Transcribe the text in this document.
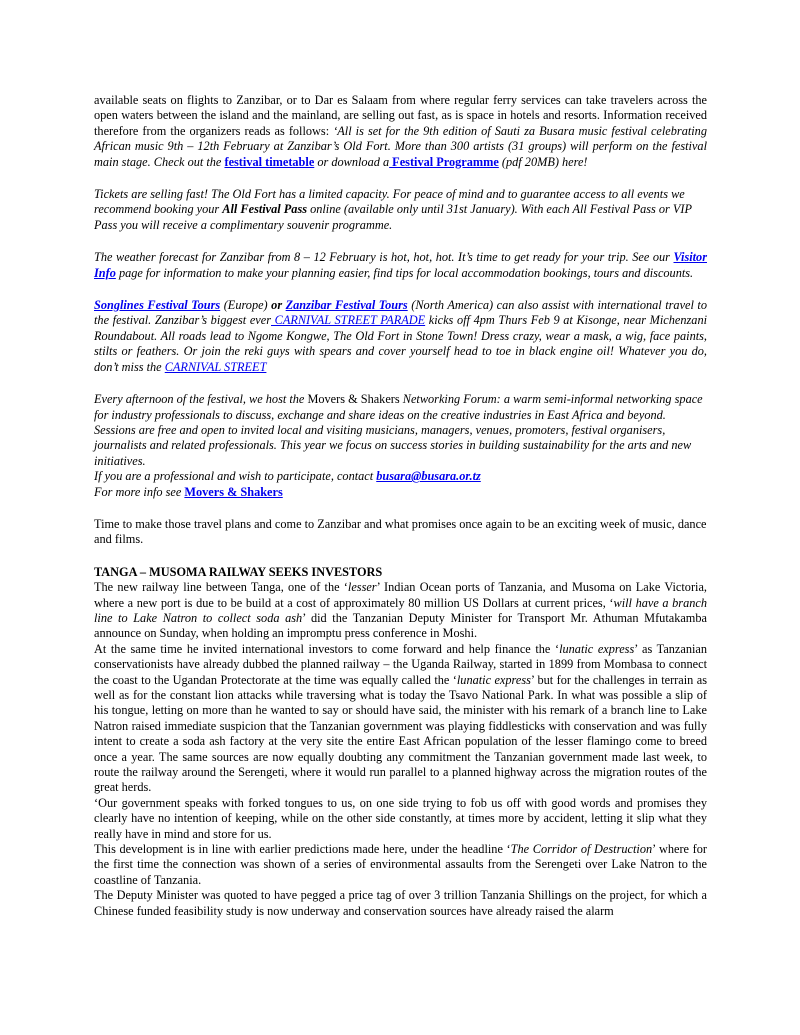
available seats on flights to Zanzibar, or to Dar es Salaam from where regular ferry services can take travelers across the open waters between the island and the mainland, are selling out fast, as is space in hotels and resorts. Information received therefore from the organizers reads as follows: ‘All is set for the 9th edition of Sauti za Busara music festival celebrating African music 9th – 12th February at Zanzibar’s Old Fort. More than 300 artists (31 groups) will perform on the festival main stage. Check out the festival timetable or download a Festival Programme (pdf 20MB) here!

Tickets are selling fast! The Old Fort has a limited capacity. For peace of mind and to guarantee access to all events we recommend booking your All Festival Pass online (available only until 31st January). With each All Festival Pass or VIP Pass you will receive a complimentary souvenir programme.

The weather forecast for Zanzibar from 8 – 12 February is hot, hot, hot. It’s time to get ready for your trip. See our Visitor Info page for information to make your planning easier, find tips for local accommodation bookings, tours and discounts.

Songlines Festival Tours (Europe) or Zanzibar Festival Tours (North America) can also assist with international travel to the festival. Zanzibar’s biggest ever CARNIVAL STREET PARADE kicks off 4pm Thurs Feb 9 at Kisonge, near Michenzani Roundabout. All roads lead to Ngome Kongwe, The Old Fort in Stone Town! Dress crazy, wear a mask, a wig, face paints, stilts or feathers. Or join the reki guys with spears and cover yourself head to toe in black engine oil! Whatever you do, don’t miss the CARNIVAL STREET

Every afternoon of the festival, we host the Movers & Shakers Networking Forum: a warm semi-informal networking space for industry professionals to discuss, exchange and share ideas on the creative industries in East Africa and beyond. Sessions are free and open to invited local and visiting musicians, managers, venues, promoters, festival organisers, journalists and related professionals. This year we focus on success stories in building sustainability for the arts and new initiatives.
If you are a professional and wish to participate, contact busara@busara.or.tz
For more info see Movers & Shakers

Time to make those travel plans and come to Zanzibar and what promises once again to be an exciting week of music, dance and films.

TANGA – MUSOMA RAILWAY SEEKS INVESTORS

The new railway line between Tanga, one of the ‘lesser’ Indian Ocean ports of Tanzania, and Musoma on Lake Victoria, where a new port is due to be build at a cost of approximately 80 million US Dollars at current prices, ‘will have a branch line to Lake Natron to collect soda ash’ did the Tanzanian Deputy Minister for Transport Mr. Athuman Mfutakamba announce on Sunday, when holding an impromptu press conference in Moshi.

At the same time he invited international investors to come forward and help finance the ‘lunatic express’ as Tanzanian conservationists have already dubbed the planned railway – the Uganda Railway, started in 1899 from Mombasa to connect the coast to the Ugandan Protectorate at the time was equally called the ‘lunatic express’ but for the challenges in terrain as well as for the constant lion attacks while traversing what is today the Tsavo National Park. In what was possible a slip of his tongue, letting on more than he wanted to say or should have said, the minister with his remark of a branch line to Lake Natron raised immediate suspicion that the Tanzanian government was playing fiddlesticks with conservation and was fully intent to create a soda ash factory at the very site the entire East African population of the lesser flamingo come to breed once a year. The same sources are now equally doubting any commitment the Tanzanian government made last week, to route the railway around the Serengeti, where it would run parallel to a planned highway across the migration routes of the great herds.

‘Our government speaks with forked tongues to us, on one side trying to fob us off with good words and promises they clearly have no intention of keeping, while on the other side constantly, at times more by accident, letting it slip what they really have in mind and store for us.

This development is in line with earlier predictions made here, under the headline ‘The Corridor of Destruction’ where for the first time the connection was shown of a series of environmental assaults from the Serengeti over Lake Natron to the coastline of Tanzania.

The Deputy Minister was quoted to have pegged a price tag of over 3 trillion Tanzania Shillings on the project, for which a Chinese funded feasibility study is now underway and conservation sources have already raised the alarm
